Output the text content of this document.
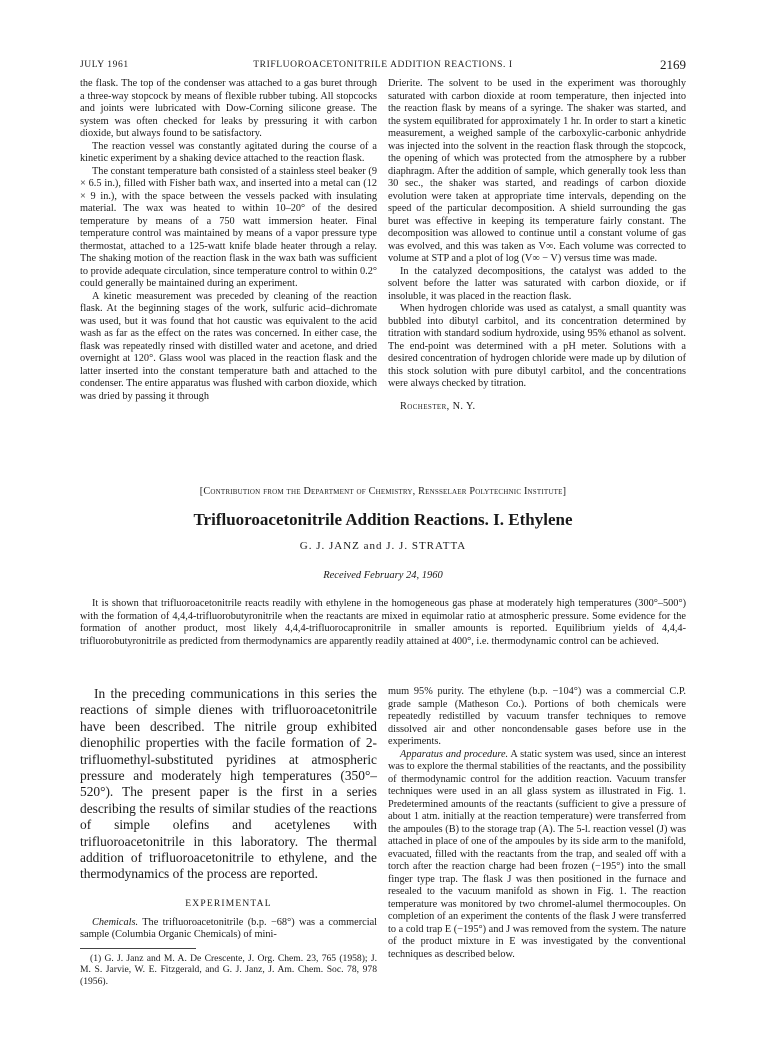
JULY 1961	TRIFLUOROACETONITRILE ADDITION REACTIONS. I	2169

the flask. The top of the condenser was attached to a gas buret through a three-way stopcock by means of flexible rubber tubing. All stopcocks and joints were lubricated with Dow-Corning silicone grease. The system was often checked for leaks by pressuring it with carbon dioxide, but always found to be satisfactory.

The reaction vessel was constantly agitated during the course of a kinetic experiment by a shaking device attached to the reaction flask.

The constant temperature bath consisted of a stainless steel beaker (9 × 6.5 in.), filled with Fisher bath wax, and inserted into a metal can (12 × 9 in.), with the space between the vessels packed with insulating material. The wax was heated to within 10–20° of the desired temperature by means of a 750 watt immersion heater. Final temperature control was maintained by means of a vapor pressure type thermostat, attached to a 125-watt knife blade heater through a relay. The shaking motion of the reaction flask in the wax bath was sufficient to provide adequate circulation, since temperature control to within 0.2° could generally be maintained during an experiment.

A kinetic measurement was preceded by cleaning of the reaction flask. At the beginning stages of the work, sulfuric acid–dichromate was used, but it was found that hot caustic was equivalent to the acid wash as far as the effect on the rates was concerned. In either case, the flask was repeatedly rinsed with distilled water and acetone, and dried overnight at 120°. Glass wool was placed in the reaction flask and the latter inserted into the constant temperature bath and attached to the condenser. The entire apparatus was flushed with carbon dioxide, which was dried by passing it through

Drierite. The solvent to be used in the experiment was thoroughly saturated with carbon dioxide at room temperature, then injected into the reaction flask by means of a syringe. The shaker was started, and the system equilibrated for approximately 1 hr. In order to start a kinetic measurement, a weighed sample of the carboxylic-carbonic anhydride was injected into the solvent in the reaction flask through the stopcock, the opening of which was protected from the atmosphere by a rubber diaphragm. After the addition of sample, which generally took less than 30 sec., the shaker was started, and readings of carbon dioxide evolution were taken at appropriate time intervals, depending on the speed of the particular decomposition. A shield surrounding the gas buret was effective in keeping its temperature fairly constant. The decomposition was allowed to continue until a constant volume of gas was evolved, and this was taken as V∞. Each volume was corrected to volume at STP and a plot of log (V∞ − V) versus time was made.

In the catalyzed decompositions, the catalyst was added to the solvent before the latter was saturated with carbon dioxide, or if insoluble, it was placed in the reaction flask.

When hydrogen chloride was used as catalyst, a small quantity was bubbled into dibutyl carbitol, and its concentration determined by titration with standard sodium hydroxide, using 95% ethanol as solvent. The end-point was determined with a pH meter. Solutions with a desired concentration of hydrogen chloride were made up by dilution of this stock solution with pure dibutyl carbitol, and the concentrations were always checked by titration.

Rochester, N. Y.

[Contribution from the Department of Chemistry, Rensselaer Polytechnic Institute]
Trifluoroacetonitrile Addition Reactions. I. Ethylene
G. J. JANZ and J. J. STRATTA
Received February 24, 1960

It is shown that trifluoroacetonitrile reacts readily with ethylene in the homogeneous gas phase at moderately high temperatures (300°–500°) with the formation of 4,4,4-trifluorobutyronitrile when the reactants are mixed in equimolar ratio at atmospheric pressure. Some evidence for the formation of another product, most likely 4,4,4-trifluorocapronitrile in smaller amounts is reported. Equilibrium yields of 4,4,4-trifluorobutyronitrile as predicted from thermodynamics are apparently readily attained at 400°, i.e. thermodynamic control can be achieved.

In the preceding communications in this series the reactions of simple dienes with trifluoroacetonitrile have been described. The nitrile group exhibited dienophilic properties with the facile formation of 2-trifluomethyl-substituted pyridines at atmospheric pressure and moderately high temperatures (350°–520°). The present paper is the first in a series describing the results of similar studies of the reactions of simple olefins and acetylenes with trifluoroacetonitrile in this laboratory. The thermal addition of trifluoroacetonitrile to ethylene, and the thermodynamics of the process are reported.

EXPERIMENTAL

Chemicals. The trifluoroacetonitrile (b.p. −68°) was a commercial sample (Columbia Organic Chemicals) of mini-

(1) G. J. Janz and M. A. De Crescente, J. Org. Chem. 23, 765 (1958); J. M. S. Jarvie, W. E. Fitzgerald, and G. J. Janz, J. Am. Chem. Soc. 78, 978 (1956).

mum 95% purity. The ethylene (b.p. −104°) was a commercial C.P. grade sample (Matheson Co.). Portions of both chemicals were repeatedly redistilled by vacuum transfer techniques to remove dissolved air and other noncondensable gases before use in the experiments.

Apparatus and procedure. A static system was used, since an interest was to explore the thermal stabilities of the reactants, and the possibility of thermodynamic control for the addition reaction. Vacuum transfer techniques were used in an all glass system as illustrated in Fig. 1. Predetermined amounts of the reactants (sufficient to give a pressure of about 1 atm. initially at the reaction temperature) were transferred from the ampoules (B) to the storage trap (A). The 5-l. reaction vessel (J) was attached in place of one of the ampoules by its side arm to the manifold, evacuated, filled with the reactants from the trap, and sealed off with a torch after the reaction charge had been frozen (−195°) into the small finger type trap. The flask J was then positioned in the furnace and resealed to the vacuum manifold as shown in Fig. 1. The reaction temperature was monitored by two chromel-alumel thermocouples. On completion of an experiment the contents of the flask J were transferred to a cold trap E (−195°) and J was removed from the system. The nature of the product mixture in E was investigated by the conventional techniques as described below.
